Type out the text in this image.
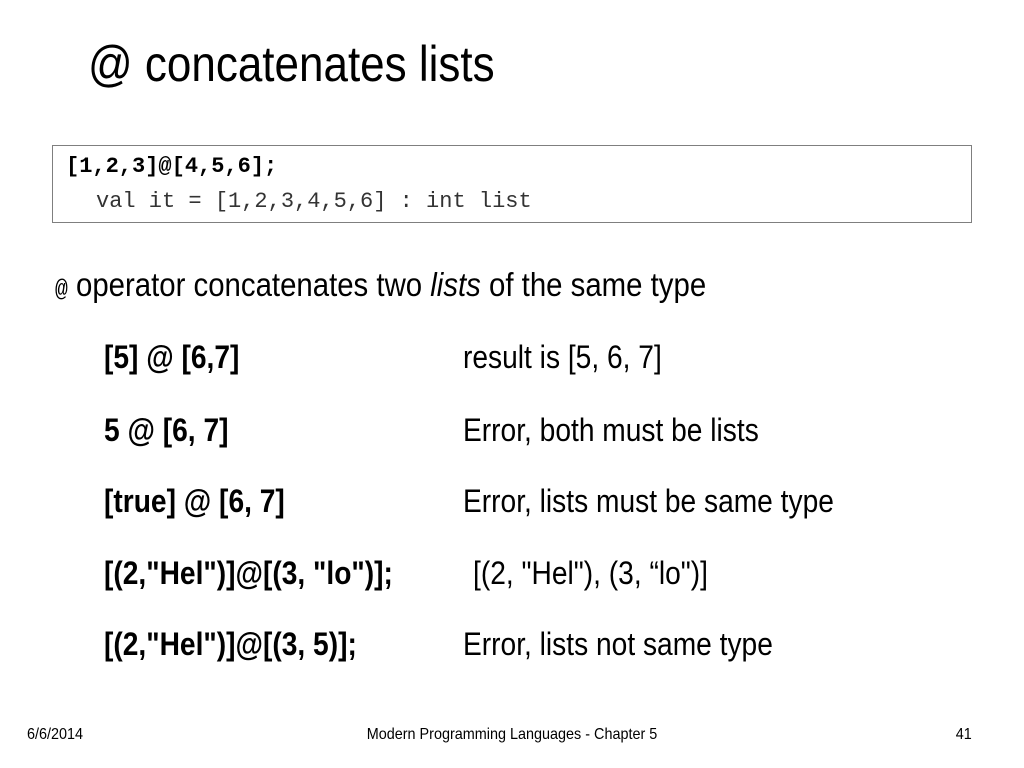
@ concatenates lists
[1,2,3]@[4,5,6];
val it = [1,2,3,4,5,6] : int list
@ operator concatenates two lists of the same type
[5] @ [6,7]	result is [5, 6, 7]
5 @ [6, 7]	Error, both must be lists
[true] @ [6, 7]	Error, lists must be same type
[(2,"Hel")]@[(3, "lo")];	[(2, "Hel"), (3, “lo")]
[(2,"Hel")]@[(3, 5)];	Error, lists not same type
6/6/2014	Modern Programming Languages - Chapter 5	41
